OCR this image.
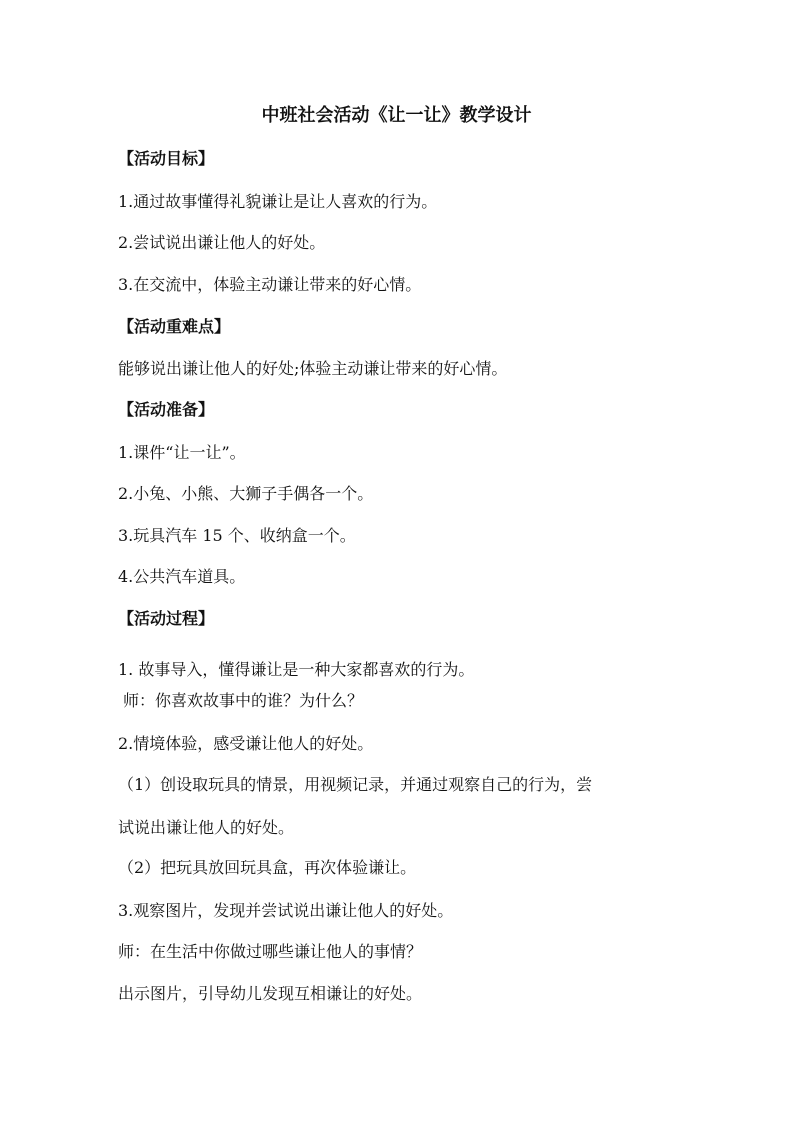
中班社会活动《让一让》教学设计
【活动目标】
1.通过故事懂得礼貌谦让是让人喜欢的行为。
2.尝试说出谦让他人的好处。
3.在交流中，体验主动谦让带来的好心情。
【活动重难点】
能够说出谦让他人的好处;体验主动谦让带来的好心情。
【活动准备】
1.课件“让一让”。
2.小兔、小熊、大狮子手偶各一个。
3.玩具汽车 15 个、收纳盒一个。
4.公共汽车道具。
【活动过程】
1. 故事导入，懂得谦让是一种大家都喜欢的行为。
师：你喜欢故事中的谁？为什么？
2.情境体验，感受谦让他人的好处。
（1）创设取玩具的情景，用视频记录，并通过观察自己的行为，尝
试说出谦让他人的好处。
（2）把玩具放回玩具盒，再次体验谦让。
3.观察图片，发现并尝试说出谦让他人的好处。
师：在生活中你做过哪些谦让他人的事情？
出示图片，引导幼儿发现互相谦让的好处。
